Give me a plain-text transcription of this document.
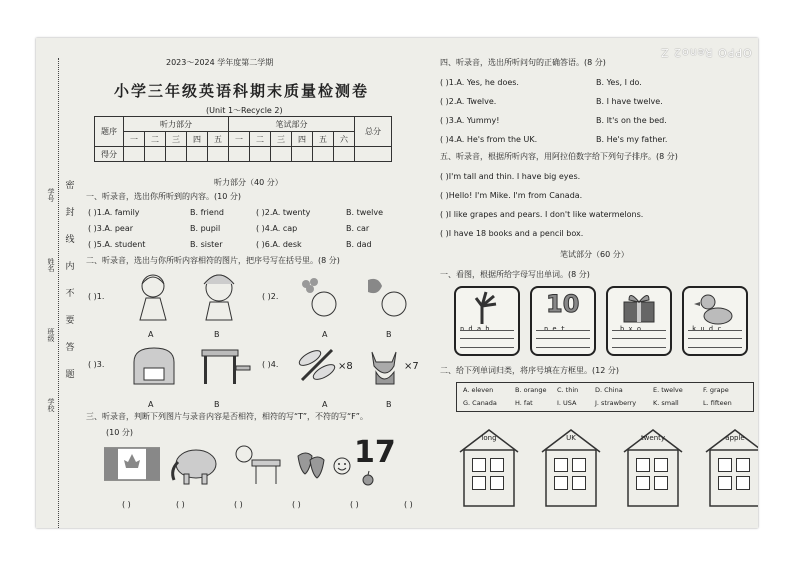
OPPO Reno2 Z
密
封
线
内
不
要
答
题
学号
姓名
班级
学校
2023～2024 学年度第二学期
小学三年级英语科期末质量检测卷
(Unit 1～Recycle 2)
题序	听力部分					笔试部分						总分
	一	二	三	四	五	一	二	三	四	五	六	
得分												
听力部分（40 分）
一、听录音，选出你所听到的内容。(10 分)
二、听录音，选出与你所听内容相符的图片，把序号写在括号里。(8 分)
( )1.	( )2.
( )3.	( )4.
A	B	A	B
A	B
×8	×7
A	B
三、听录音，判断下列图片与录音内容是否相符，相符的写“T”，不符的写“F”。
(10 分)
17
( )1.A. family	B. friend	( )2.A. twenty	B. twelve
( )3.A. pear	B. pupil	( )4.A. cap	B. car
( )5.A. student	B. sister	( )6.A. desk	B. dad
( )	( )	( )	( )	( )	( )
四、听录音，选出所听问句的正确答语。(8 分)
五、听录音，根据所听内容，用阿拉伯数字给下列句子排序。(8 分)
笔试部分（60 分）
一、看图，根据所给字母写出单词。(8 分)
n d a h
10
n e t	b x o	k u d c
二、给下列单词归类，将序号填在方框里。(12 分)
A. eleven	B. orange C. thin	D. China	E. twelve	F. grape
G. Canada	H. fat	I. USA	J. strawberry	K. small	L. fifteen
long	UK	twenty	apple
( )1.A. Yes, he does.	B. Yes, I do.
( )2.A. Twelve.	B. I have twelve.
( )3.A. Yummy!	B. It's on the bed.
( )4.A. He's from the UK.	B. He's my father.
( )I'm tall and thin. I have big eyes.
( )Hello! I'm Mike. I'm from Canada.
( )I like grapes and pears. I don't like watermelons.
( )I have 18 books and a pencil box.
